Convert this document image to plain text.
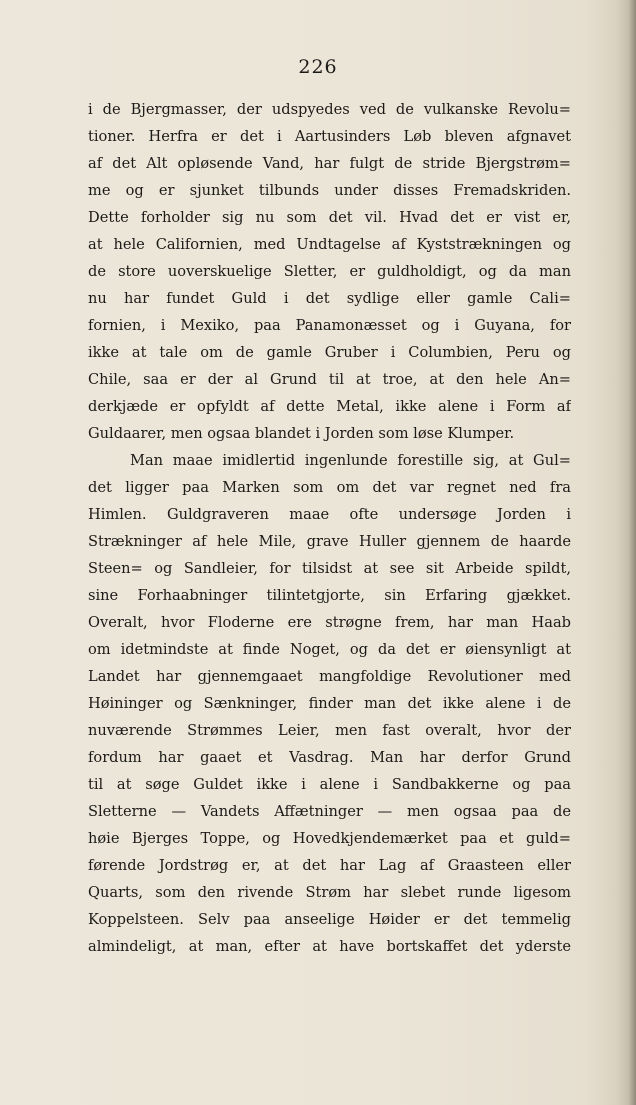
226
i de Bjergmasser, der udspyedes ved de vulkanske Revolu=
tioner. Herfra er det i Aartusinders Løb bleven afgnavet
af det Alt opløsende Vand, har fulgt de stride Bjergstrøm=
me og er sjunket tilbunds under disses Fremadskriden.
Dette forholder sig nu som det vil. Hvad det er vist er,
at hele Californien, med Undtagelse af Kyststrækningen og
de store uoverskuelige Sletter, er guldholdigt, og da man
nu har fundet Guld i det sydlige eller gamle Cali=
fornien, i Mexiko, paa Panamonæsset og i Guyana, for
ikke at tale om de gamle Gruber i Columbien, Peru og
Chile, saa er der al Grund til at troe, at den hele An=
derkjæde er opfyldt af dette Metal, ikke alene i Form af
Guldaarer, men ogsaa blandet i Jorden som løse Klumper.
Man maae imidlertid ingenlunde forestille sig, at Gul=
det ligger paa Marken som om det var regnet ned fra
Himlen. Guldgraveren maae ofte undersøge Jorden i
Strækninger af hele Mile, grave Huller gjennem de haarde
Steen= og Sandleier, for tilsidst at see sit Arbeide spildt,
sine Forhaabninger tilintetgjorte, sin Erfaring gjækket.
Overalt, hvor Floderne ere strøgne frem, har man Haab
om idetmindste at finde Noget, og da det er øiensynligt at
Landet har gjennemgaaet mangfoldige Revolutioner med
Høininger og Sænkninger, finder man det ikke alene i de
nuværende Strømmes Leier, men fast overalt, hvor der
fordum har gaaet et Vasdrag. Man har derfor Grund
til at søge Guldet ikke i alene i Sandbakkerne og paa
Sletterne — Vandets Affætninger — men ogsaa paa de
høie Bjerges Toppe, og Hovedkjendemærket paa et guld=
førende Jordstrøg er, at det har Lag af Graasteen eller
Quarts, som den rivende Strøm har slebet runde ligesom
Koppelsteen. Selv paa anseelige Høider er det temmelig
almindeligt, at man, efter at have bortskaffet det yderste
